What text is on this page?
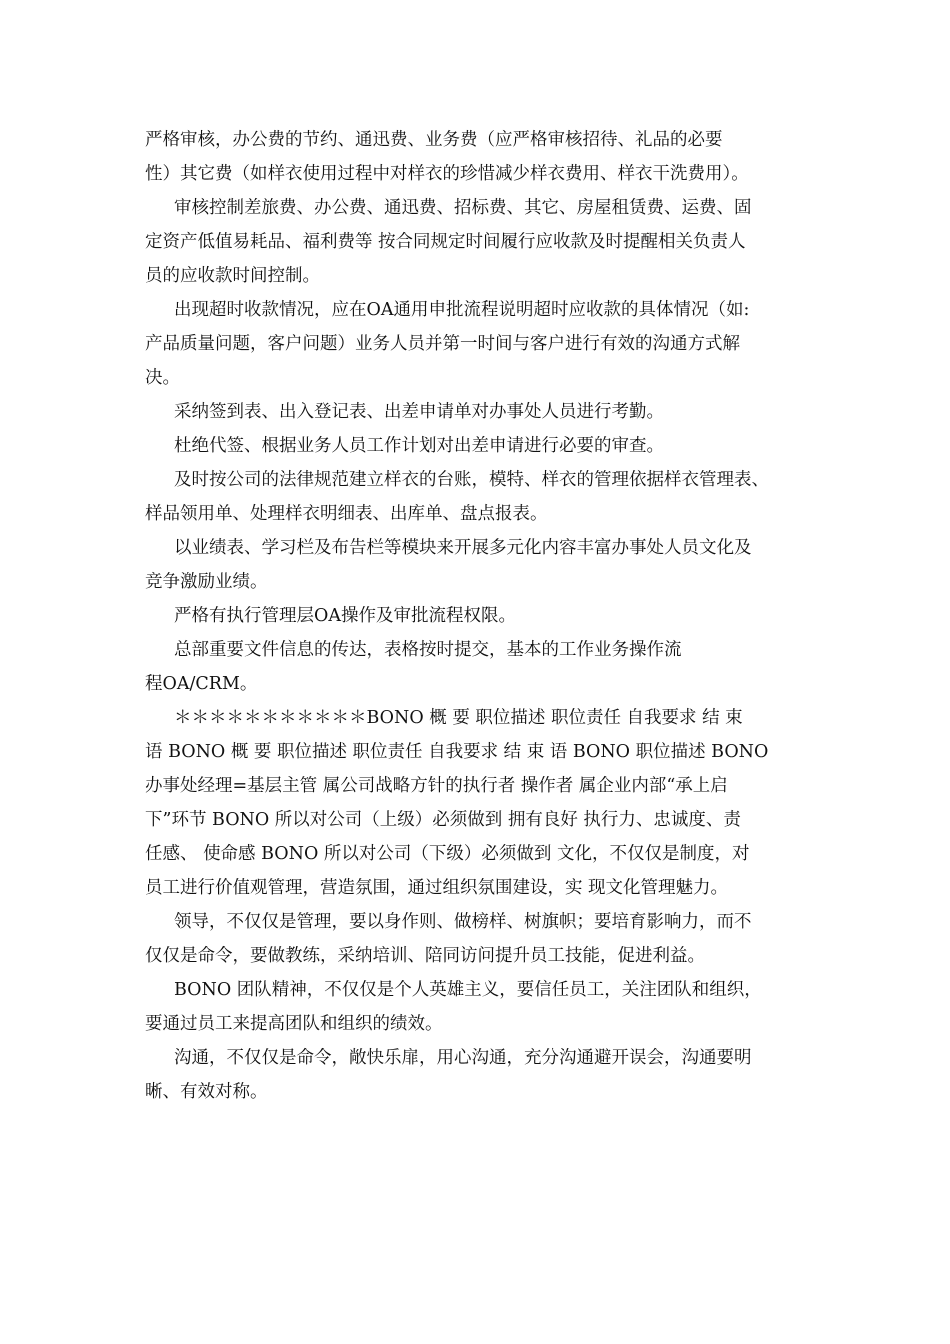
严格审核，办公费的节约、通迅费、业务费（应严格审核招待、礼品的必要
性）其它费（如样衣使用过程中对样衣的珍惜减少样衣费用、样衣干洗费用）。
审核控制差旅费、办公费、通迅费、招标费、其它、房屋租赁费、运费、固
定资产低值易耗品、福利费等 按合同规定时间履行应收款及时提醒相关负责人
员的应收款时间控制。
出现超时收款情况，应在OA通用申批流程说明超时应收款的具体情况（如:
产品质量问题，客户问题）业务人员并第一时间与客户进行有效的沟通方式解
决。
采纳签到表、出入登记表、出差申请单对办事处人员进行考勤。
杜绝代签、根据业务人员工作计划对出差申请进行必要的审查。
及时按公司的法律规范建立样衣的台账，模特、样衣的管理依据样衣管理表、
样品领用单、处理样衣明细表、出库单、盘点报表。
以业绩表、学习栏及布告栏等模块来开展多元化内容丰富办事处人员文化及
竞争激励业绩。
严格有执行管理层OA操作及审批流程权限。
总部重要文件信息的传达，表格按时提交，基本的工作业务操作流
程OA/CRM。
＊＊＊＊＊＊＊＊＊＊＊BONO 概 要 职位描述 职位责任 自我要求 结 束
语 BONO 概 要 职位描述 职位责任 自我要求 结 束 语 BONO 职位描述 BONO
办事处经理=基层主管 属公司战略方针的执行者 操作者 属企业内部“承上启
下”环节 BONO 所以对公司（上级）必须做到 拥有良好 执行力、忠诚度、责
任感、 使命感 BONO 所以对公司（下级）必须做到 文化，不仅仅是制度，对
员工进行价值观管理，营造氛围，通过组织氛围建设，实 现文化管理魅力。
领导，不仅仅是管理，要以身作则、做榜样、树旗帜；要培育影响力，而不
仅仅是命令，要做教练，采纳培训、陪同访问提升员工技能，促进利益。
BONO 团队精神，不仅仅是个人英雄主义，要信任员工，关注团队和组织，
要通过员工来提高团队和组织的绩效。
沟通，不仅仅是命令，敞快乐扉，用心沟通，充分沟通避开误会，沟通要明
晰、有效对称。
